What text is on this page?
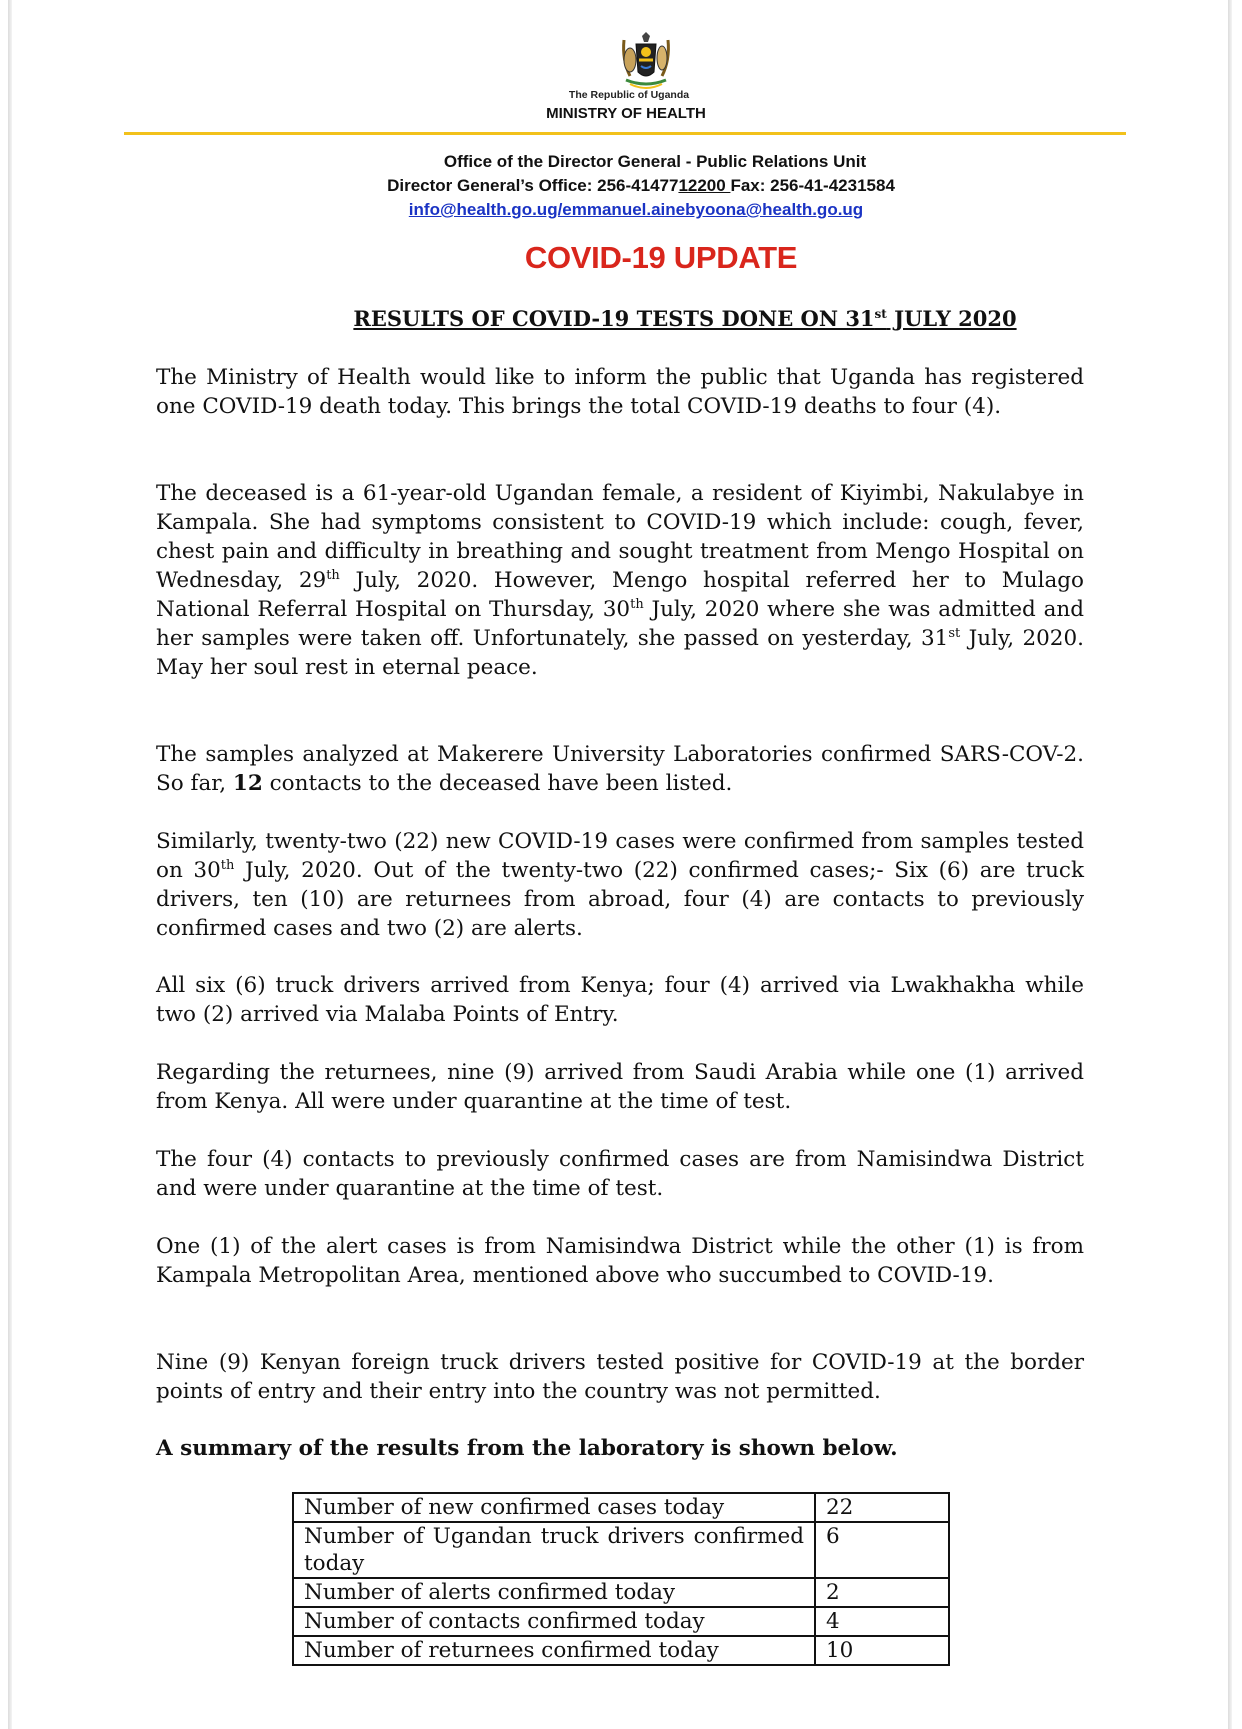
The Republic of Uganda
MINISTRY OF HEALTH
Office of the Director General - Public Relations Unit
Director General’s Office: 256-4147712200 Fax: 256-41-4231584
info@health.go.ug/emmanuel.ainebyoona@health.go.ug
COVID-19 UPDATE
RESULTS OF COVID-19 TESTS DONE ON 31st JULY 2020

The Ministry of Health would like to inform the public that Uganda has registered one COVID-19 death today. This brings the total COVID-19 deaths to four (4).

The deceased is a 61-year-old Ugandan female, a resident of Kiyimbi, Nakulabye in Kampala. She had symptoms consistent to COVID-19 which include: cough, fever, chest pain and difficulty in breathing and sought treatment from Mengo Hospital on Wednesday, 29th July, 2020. However, Mengo hospital referred her to Mulago National Referral Hospital on Thursday, 30th July, 2020 where she was admitted and her samples were taken off. Unfortunately, she passed on yesterday, 31st July, 2020. May her soul rest in eternal peace.

The samples analyzed at Makerere University Laboratories confirmed SARS-COV-2. So far, 12 contacts to the deceased have been listed.

Similarly, twenty-two (22) new COVID-19 cases were confirmed from samples tested on 30th July, 2020. Out of the twenty-two (22) confirmed cases;- Six (6) are truck drivers, ten (10) are returnees from abroad, four (4) are contacts to previously confirmed cases and two (2) are alerts.

All six (6) truck drivers arrived from Kenya; four (4) arrived via Lwakhakha while two (2) arrived via Malaba Points of Entry.

Regarding the returnees, nine (9) arrived from Saudi Arabia while one (1) arrived from Kenya. All were under quarantine at the time of test.

The four (4) contacts to previously confirmed cases are from Namisindwa District and were under quarantine at the time of test.

One (1) of the alert cases is from Namisindwa District while the other (1) is from Kampala Metropolitan Area, mentioned above who succumbed to COVID-19.

Nine (9) Kenyan foreign truck drivers tested positive for COVID-19 at the border points of entry and their entry into the country was not permitted.

A summary of the results from the laboratory is shown below.
Number of new confirmed cases today	22
Number of Ugandan truck drivers confirmed today	6
Number of alerts confirmed today	2
Number of contacts confirmed today	4
Number of returnees confirmed today	10
